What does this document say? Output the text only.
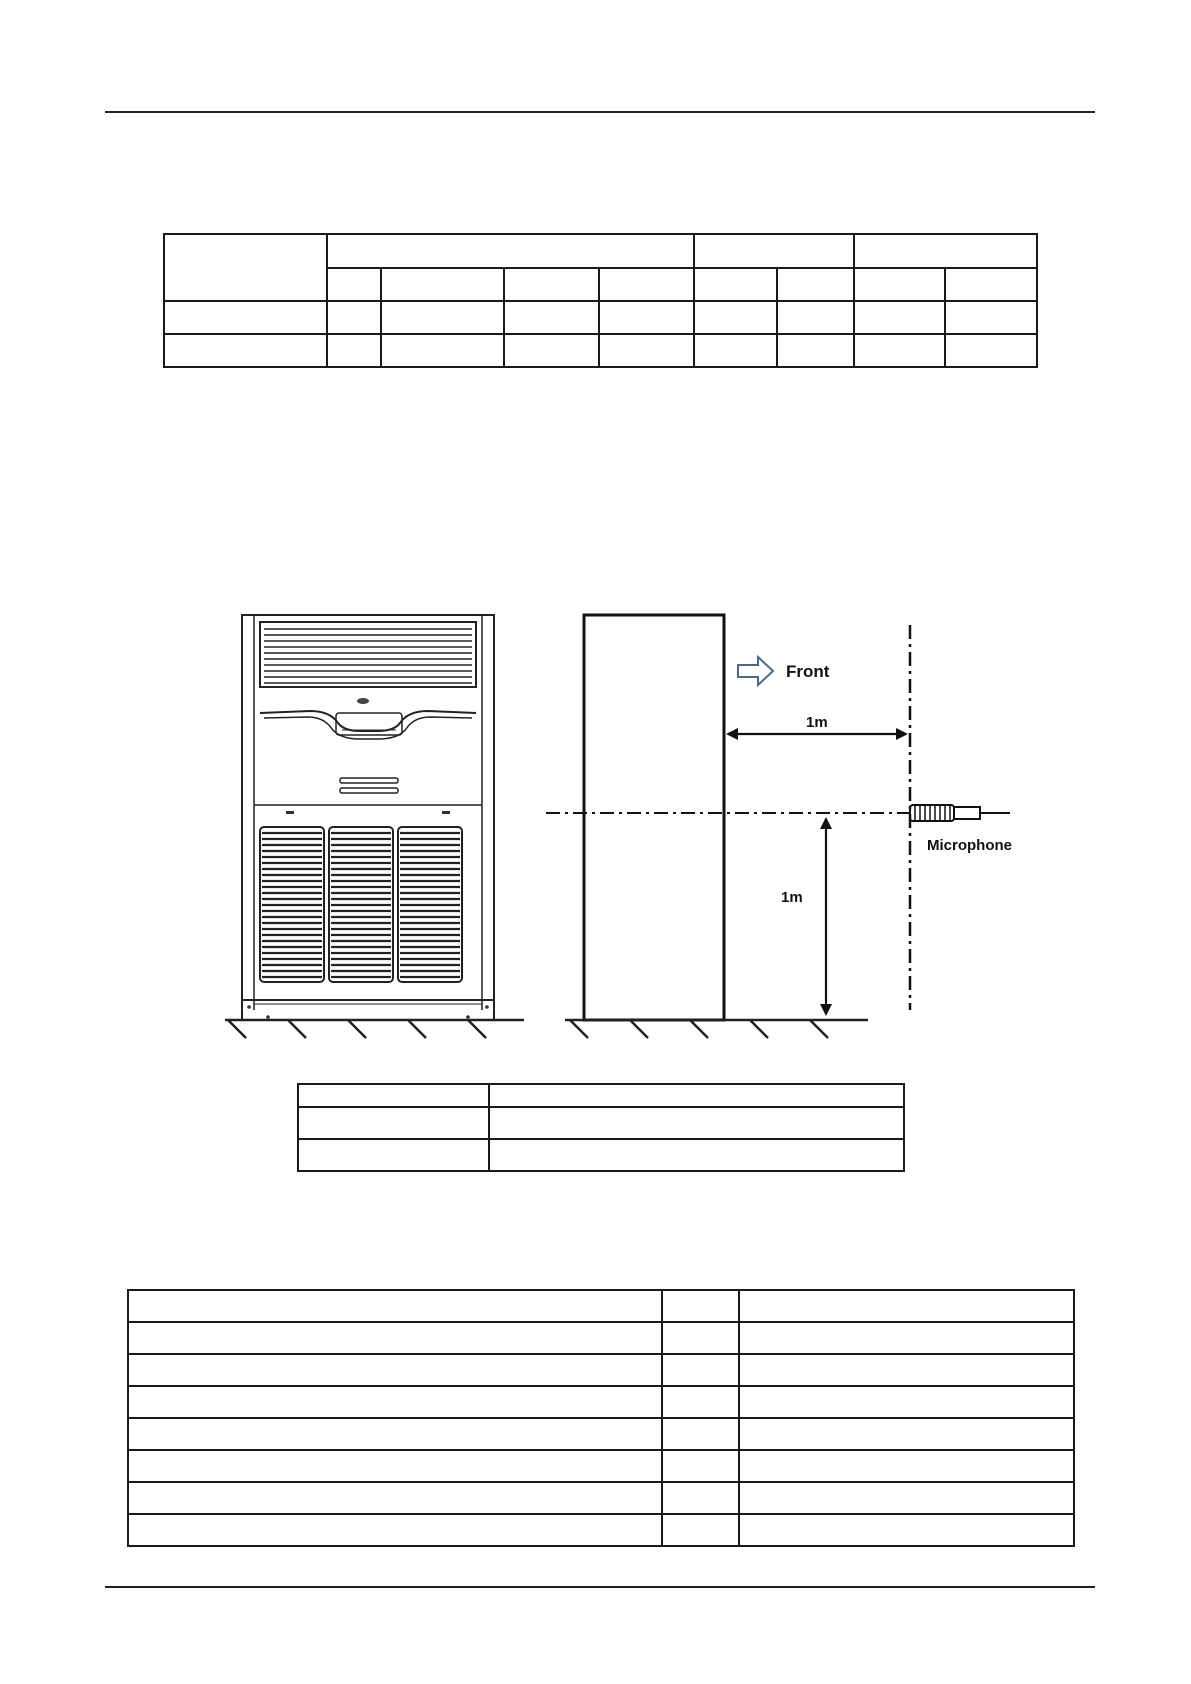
Front
1m
1m
Microphone
